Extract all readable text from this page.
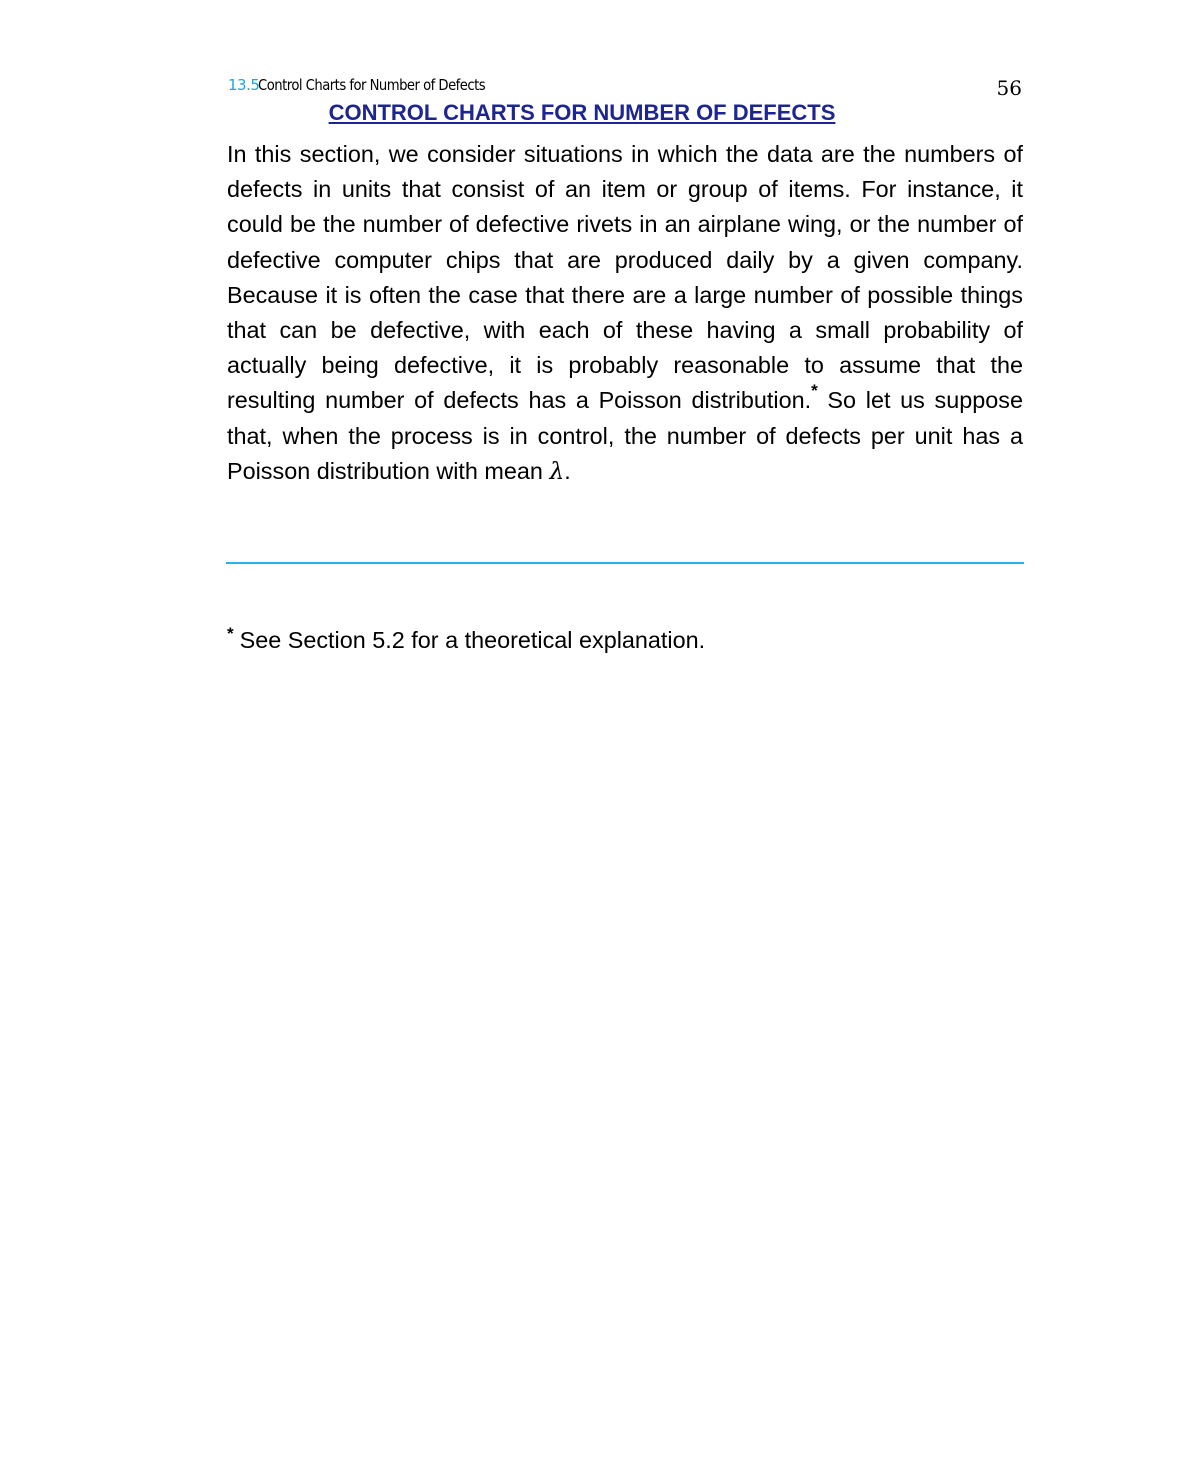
13.5
Control Charts for Number of Defects	56
CONTROL CHARTS FOR NUMBER OF DEFECTS

In this section, we consider situations in which the data are the numbers of defects in units that consist of an item or group of items. For instance, it could be the number of defective rivets in an airplane wing, or the number of defective computer chips that are produced daily by a given company. Because it is often the case that there are a large number of possible things that can be defective, with each of these having a small probability of actually being defective, it is probably reasonable to assume that the resulting number of defects has a Poisson distribution.* So let us suppose that, when the process is in control, the number of defects per unit has a Poisson distribution with mean λ.

* See Section 5.2 for a theoretical explanation.
